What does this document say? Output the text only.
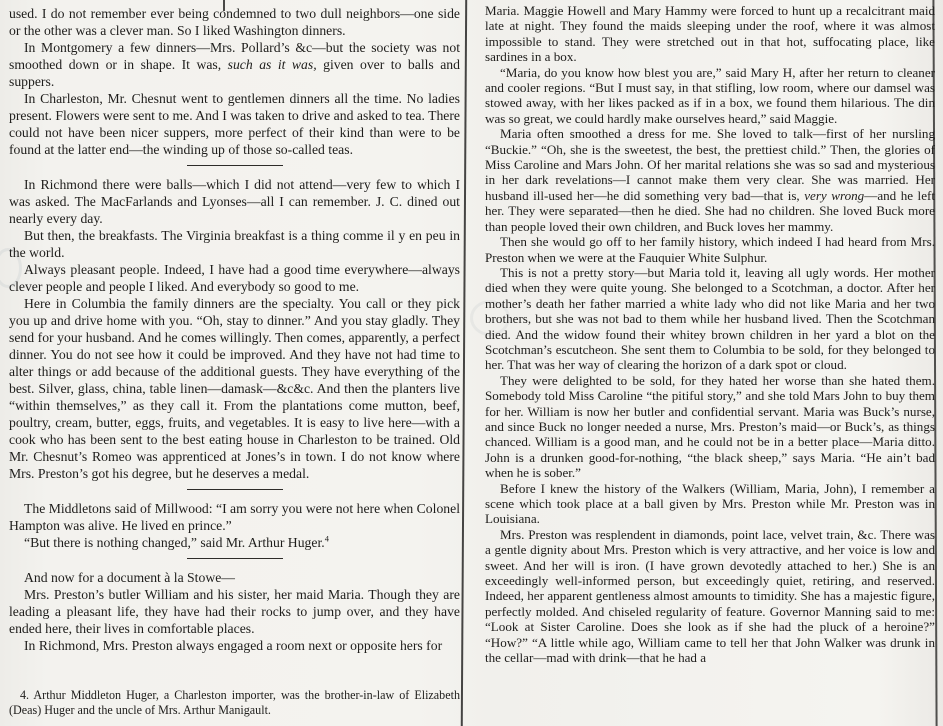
used. I do not remember ever being condemned to two dull neighbors—one side or the other was a clever man. So I liked Washington dinners.

In Montgomery a few dinners—Mrs. Pollard’s &c—but the society was not smoothed down or in shape. It was, such as it was, given over to balls and suppers.

In Charleston, Mr. Chesnut went to gentlemen dinners all the time. No ladies present. Flowers were sent to me. And I was taken to drive and asked to tea. There could not have been nicer suppers, more perfect of their kind than were to be found at the latter end—the winding up of those so-called teas.

In Richmond there were balls—which I did not attend—very few to which I was asked. The MacFarlands and Lyonses—all I can remember. J. C. dined out nearly every day.

But then, the breakfasts. The Virginia breakfast is a thing comme il y en peu in the world.

Always pleasant people. Indeed, I have had a good time everywhere—always clever people and people I liked. And everybody so good to me.

Here in Columbia the family dinners are the specialty. You call or they pick you up and drive home with you. “Oh, stay to dinner.” And you stay gladly. They send for your husband. And he comes willingly. Then comes, apparently, a perfect dinner. You do not see how it could be improved. And they have not had time to alter things or add because of the additional guests. They have everything of the best. Silver, glass, china, table linen—damask—&c&c. And then the planters live “within themselves,” as they call it. From the plantations come mutton, beef, poultry, cream, butter, eggs, fruits, and vegetables. It is easy to live here—with a cook who has been sent to the best eating house in Charleston to be trained. Old Mr. Chesnut’s Romeo was apprenticed at Jones’s in town. I do not know where Mrs. Preston’s got his degree, but he deserves a medal.

The Middletons said of Millwood: “I am sorry you were not here when Colonel Hampton was alive. He lived en prince.”

“But there is nothing changed,” said Mr. Arthur Huger.$^4$

And now for a document à la Stowe—

Mrs. Preston’s butler William and his sister, her maid Maria. Though they are leading a pleasant life, they have had their rocks to jump over, and they have ended here, their lives in comfortable places.

In Richmond, Mrs. Preston always engaged a room next or opposite hers for

4. Arthur Middleton Huger, a Charleston importer, was the brother-in-law of Elizabeth (Deas) Huger and the uncle of Mrs. Arthur Manigault.

Maria. Maggie Howell and Mary Hammy were forced to hunt up a recalcitrant maid late at night. They found the maids sleeping under the roof, where it was almost impossible to stand. They were stretched out in that hot, suffocating place, like sardines in a box.

“Maria, do you know how blest you are,” said Mary H, after her return to cleaner and cooler regions. “But I must say, in that stifling, low room, where our damsel was stowed away, with her likes packed as if in a box, we found them hilarious. The din was so great, we could hardly make ourselves heard,” said Maggie.

Maria often smoothed a dress for me. She loved to talk—first of her nursling “Buckie.” “Oh, she is the sweetest, the best, the prettiest child.” Then, the glories of Miss Caroline and Mars John. Of her marital relations she was so sad and mysterious in her dark revelations—I cannot make them very clear. She was married. Her husband ill-used her—he did something very bad—that is, very wrong—and he left her. They were separated—then he died. She had no children. She loved Buck more than people loved their own children, and Buck loves her mammy.

Then she would go off to her family history, which indeed I had heard from Mrs. Preston when we were at the Fauquier White Sulphur.

This is not a pretty story—but Maria told it, leaving all ugly words. Her mother died when they were quite young. She belonged to a Scotchman, a doctor. After her mother’s death her father married a white lady who did not like Maria and her two brothers, but she was not bad to them while her husband lived. Then the Scotchman died. And the widow found their whitey brown children in her yard a blot on the Scotchman’s escutcheon. She sent them to Columbia to be sold, for they belonged to her. That was her way of clearing the horizon of a dark spot or cloud.

They were delighted to be sold, for they hated her worse than she hated them. Somebody told Miss Caroline “the pitiful story,” and she told Mars John to buy them for her. William is now her butler and confidential servant. Maria was Buck’s nurse, and since Buck no longer needed a nurse, Mrs. Preston’s maid—or Buck’s, as things chanced. William is a good man, and he could not be in a better place—Maria ditto. John is a drunken good-for-nothing, “the black sheep,” says Maria. “He ain’t bad when he is sober.”

Before I knew the history of the Walkers (William, Maria, John), I remember a scene which took place at a ball given by Mrs. Preston while Mr. Preston was in Louisiana.

Mrs. Preston was resplendent in diamonds, point lace, velvet train, &c. There was a gentle dignity about Mrs. Preston which is very attractive, and her voice is low and sweet. And her will is iron. (I have grown devotedly attached to her.) She is an exceedingly well-informed person, but exceedingly quiet, retiring, and reserved. Indeed, her apparent gentleness almost amounts to timidity. She has a majestic figure, perfectly molded. And chiseled regularity of feature. Governor Manning said to me: “Look at Sister Caroline. Does she look as if she had the pluck of a heroine?” “How?” “A little while ago, William came to tell her that John Walker was drunk in the cellar—mad with drink—that he had a
